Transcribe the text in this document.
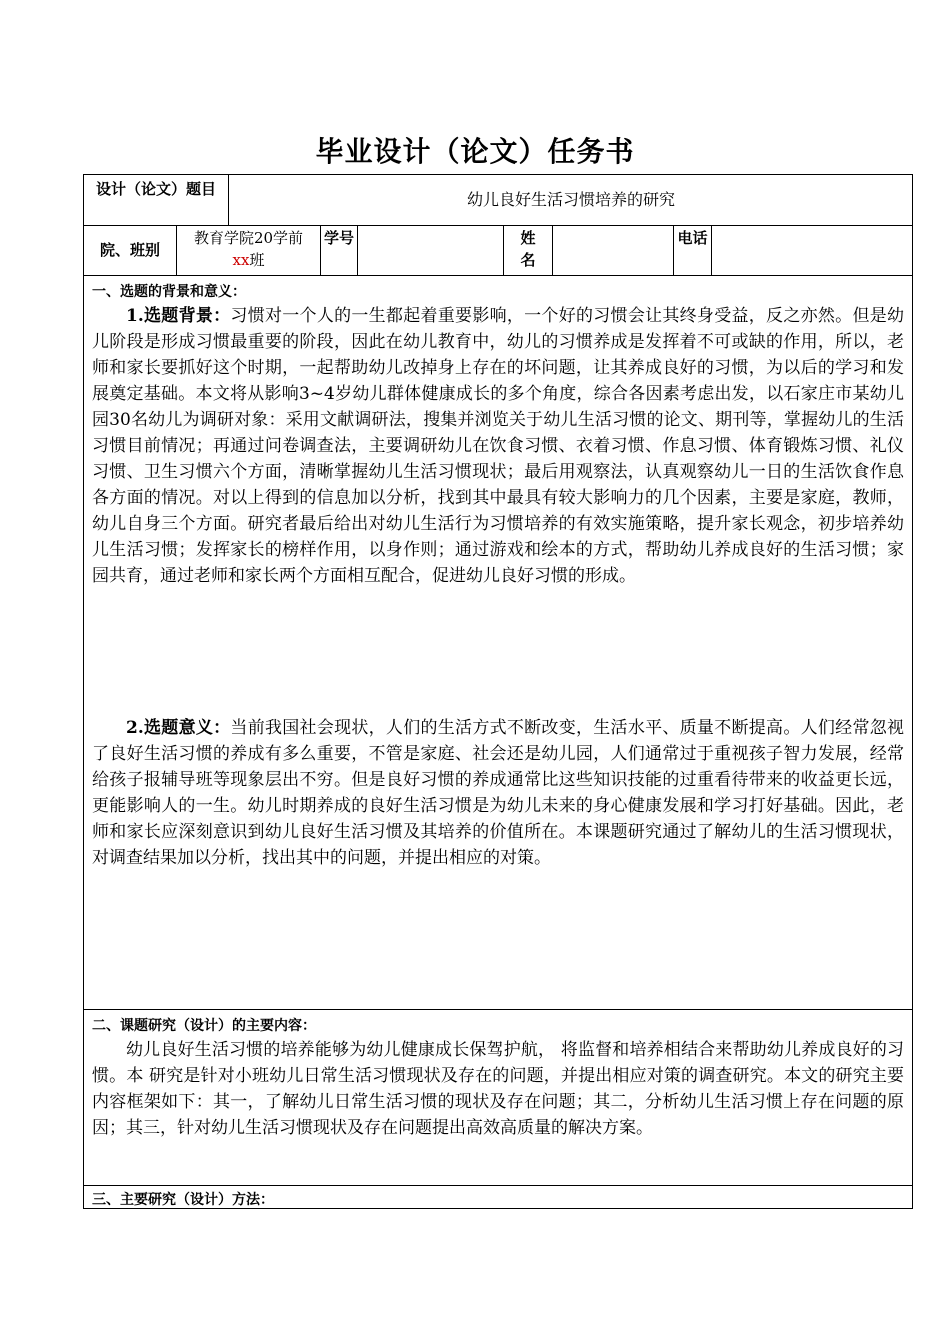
毕业设计（论文）任务书
设计（论文）题目
幼儿良好生活习惯培养的研究
院、班别
教育学院20学前
xx班
学号	姓名
电话
一、选题的背景和意义：

1.选题背景：习惯对一个人的一生都起着重要影响，一个好的习惯会让其终身受益，反之亦然。但是幼儿阶段是形成习惯最重要的阶段，因此在幼儿教育中，幼儿的习惯养成是发挥着不可或缺的作用，所以，老师和家长要抓好这个时期，一起帮助幼儿改掉身上存在的坏问题，让其养成良好的习惯，为以后的学习和发展奠定基础。本文将从影响3~4岁幼儿群体健康成长的多个角度，综合各因素考虑出发，以石家庄市某幼儿园30名幼儿为调研对象：采用文献调研法，搜集并浏览关于幼儿生活习惯的论文、期刊等，掌握幼儿的生活习惯目前情况；再通过问卷调查法，主要调研幼儿在饮食习惯、衣着习惯、作息习惯、体育锻炼习惯、礼仪习惯、卫生习惯六个方面，清晰掌握幼儿生活习惯现状；最后用观察法，认真观察幼儿一日的生活饮食作息各方面的情况。对以上得到的信息加以分析，找到其中最具有较大影响力的几个因素，主要是家庭，教师，幼儿自身三个方面。研究者最后给出对幼儿生活行为习惯培养的有效实施策略，提升家长观念，初步培养幼儿生活习惯；发挥家长的榜样作用，以身作则；通过游戏和绘本的方式，帮助幼儿养成良好的生活习惯；家园共育，通过老师和家长两个方面相互配合，促进幼儿良好习惯的形成。

2.选题意义：当前我国社会现状，人们的生活方式不断改变，生活水平、质量不断提高。人们经常忽视了良好生活习惯的养成有多么重要，不管是家庭、社会还是幼儿园，人们通常过于重视孩子智力发展，经常给孩子报辅导班等现象层出不穷。但是良好习惯的养成通常比这些知识技能的过重看待带来的收益更长远，更能影响人的一生。幼儿时期养成的良好生活习惯是为幼儿未来的身心健康发展和学习打好基础。因此，老师和家长应深刻意识到幼儿良好生活习惯及其培养的价值所在。本课题研究通过了解幼儿的生活习惯现状，对调查结果加以分析，找出其中的问题，并提出相应的对策。

二、课题研究（设计）的主要内容：

幼儿良好生活习惯的培养能够为幼儿健康成长保驾护航， 将监督和培养相结合来帮助幼儿养成良好的习惯。本 研究是针对小班幼儿日常生活习惯现状及存在的问题，并提出相应对策的调查研究。本文的研究主要内容框架如下：其一，了解幼儿日常生活习惯的现状及存在问题；其二，分析幼儿生活习惯上存在问题的原因；其三，针对幼儿生活习惯现状及存在问题提出高效高质量的解决方案。

三、主要研究（设计）方法：
